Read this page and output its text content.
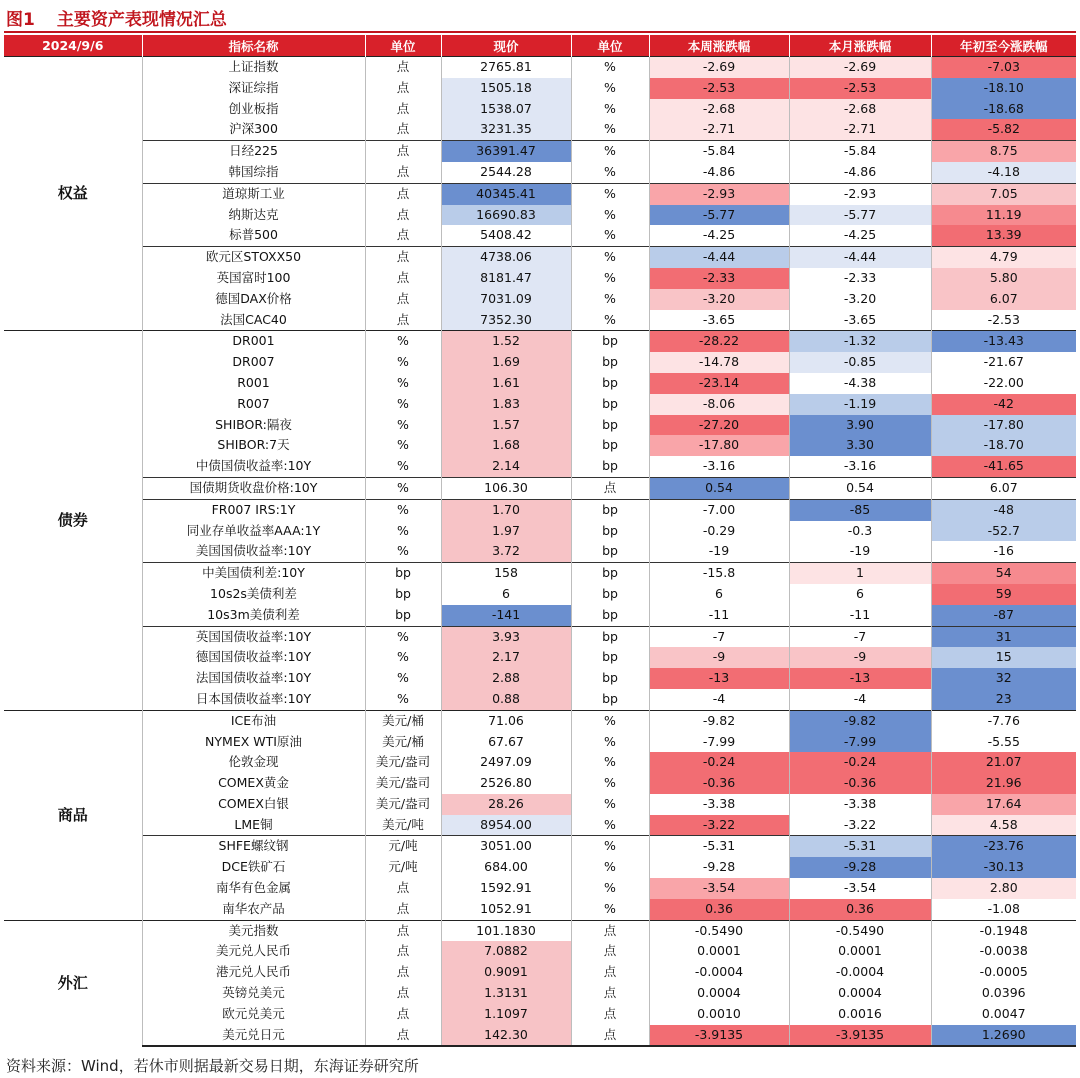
图1 主要资产表现情况汇总
2024/9/6	指标名称	单位	现价	单位	本周涨跌幅	本月涨跌幅	年初至今涨跌幅
权益	上证指数	点	2765.81	%	-2.69	-2.69	-7.03
	深证综指	点	1505.18	%	-2.53	-2.53	-18.10
	创业板指	点	1538.07	%	-2.68	-2.68	-18.68
	沪深300	点	3231.35	%	-2.71	-2.71	-5.82
	日经225	点	36391.47	%	-5.84	-5.84	8.75
	韩国综指	点	2544.28	%	-4.86	-4.86	-4.18
	道琼斯工业	点	40345.41	%	-2.93	-2.93	7.05
	纳斯达克	点	16690.83	%	-5.77	-5.77	11.19
	标普500	点	5408.42	%	-4.25	-4.25	13.39
	欧元区STOXX50	点	4738.06	%	-4.44	-4.44	4.79
	英国富时100	点	8181.47	%	-2.33	-2.33	5.80
	德国DAX价格	点	7031.09	%	-3.20	-3.20	6.07
	法国CAC40	点	7352.30	%	-3.65	-3.65	-2.53
债券	DR001	%	1.52	bp	-28.22	-1.32	-13.43
	DR007	%	1.69	bp	-14.78	-0.85	-21.67
	R001	%	1.61	bp	-23.14	-4.38	-22.00
	R007	%	1.83	bp	-8.06	-1.19	-42
	SHIBOR:隔夜	%	1.57	bp	-27.20	3.90	-17.80
	SHIBOR:7天	%	1.68	bp	-17.80	3.30	-18.70
	中债国债收益率:10Y	%	2.14	bp	-3.16	-3.16	-41.65
	国债期货收盘价格:10Y	%	106.30	点	0.54	0.54	6.07
	FR007 IRS:1Y	%	1.70	bp	-7.00	-85	-48
	同业存单收益率AAA:1Y	%	1.97	bp	-0.29	-0.3	-52.7
	美国国债收益率:10Y	%	3.72	bp	-19	-19	-16
	中美国债利差:10Y	bp	158	bp	-15.8	1	54
	10s2s美债利差	bp	6	bp	6	6	59
	10s3m美债利差	bp	-141	bp	-11	-11	-87
	英国国债收益率:10Y	%	3.93	bp	-7	-7	31
	德国国债收益率:10Y	%	2.17	bp	-9	-9	15
	法国国债收益率:10Y	%	2.88	bp	-13	-13	32
	日本国债收益率:10Y	%	0.88	bp	-4	-4	23
商品	ICE布油	美元/桶	71.06	%	-9.82	-9.82	-7.76
	NYMEX WTI原油	美元/桶	67.67	%	-7.99	-7.99	-5.55
	伦敦金现	美元/盎司	2497.09	%	-0.24	-0.24	21.07
	COMEX黄金	美元/盎司	2526.80	%	-0.36	-0.36	21.96
	COMEX白银	美元/盎司	28.26	%	-3.38	-3.38	17.64
	LME铜	美元/吨	8954.00	%	-3.22	-3.22	4.58
	SHFE螺纹钢	元/吨	3051.00	%	-5.31	-5.31	-23.76
	DCE铁矿石	元/吨	684.00	%	-9.28	-9.28	-30.13
	南华有色金属	点	1592.91	%	-3.54	-3.54	2.80
	南华农产品	点	1052.91	%	0.36	0.36	-1.08
外汇	美元指数	点	101.1830	点	-0.5490	-0.5490	-0.1948
	美元兑人民币	点	7.0882	点	0.0001	0.0001	-0.0038
	港元兑人民币	点	0.9091	点	-0.0004	-0.0004	-0.0005
	英镑兑美元	点	1.3131	点	0.0004	0.0004	0.0396
	欧元兑美元	点	1.1097	点	0.0010	0.0016	0.0047
	美元兑日元	点	142.30	点	-3.9135	-3.9135	1.2690
资料来源：Wind，若休市则据最新交易日期，东海证券研究所
